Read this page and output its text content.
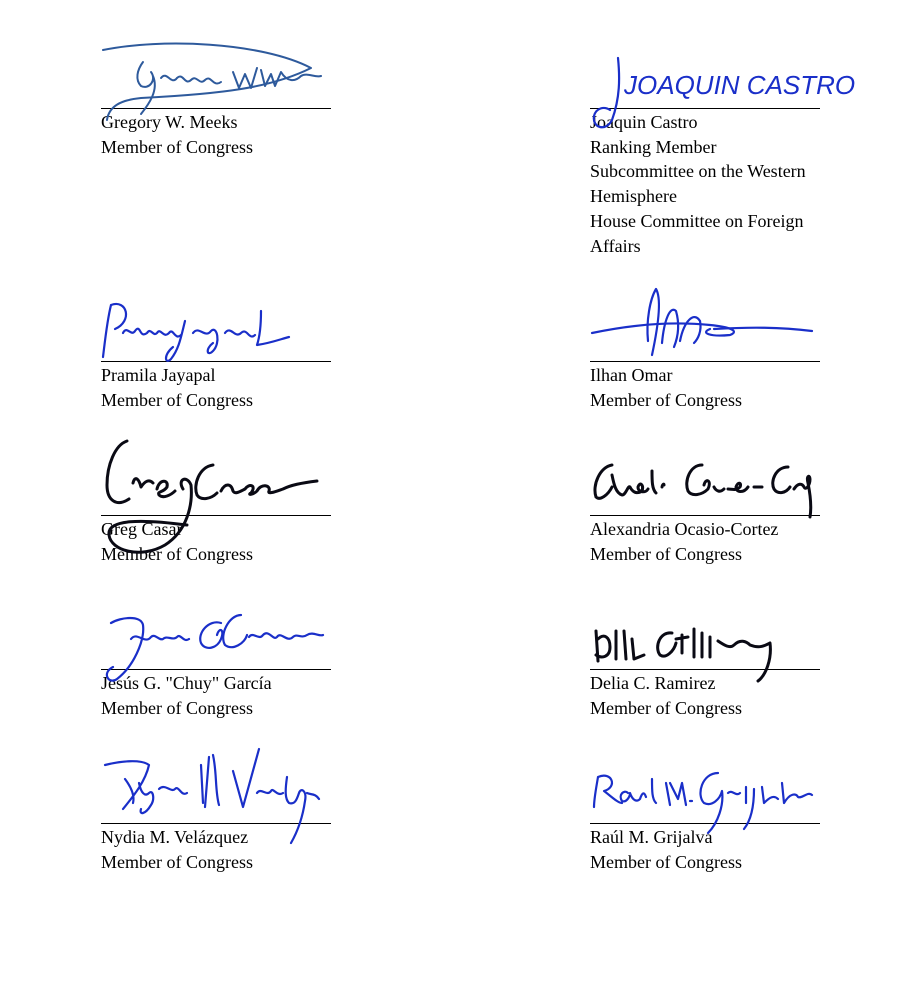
Gregory W. Meeks
Member of Congress
JOAQUIN CASTRO
Joaquin Castro
Ranking Member
Subcommittee on the Western
Hemisphere
House Committee on Foreign
Affairs
Pramila Jayapal
Member of Congress
Ilhan Omar
Member of Congress
Greg Casar
Member of Congress
Alexandria Ocasio-Cortez
Member of Congress
Jesús G. "Chuy" García
Member of Congress
Delia C. Ramirez
Member of Congress
Nydia M. Velázquez
Member of Congress
Raúl M. Grijalva
Member of Congress
